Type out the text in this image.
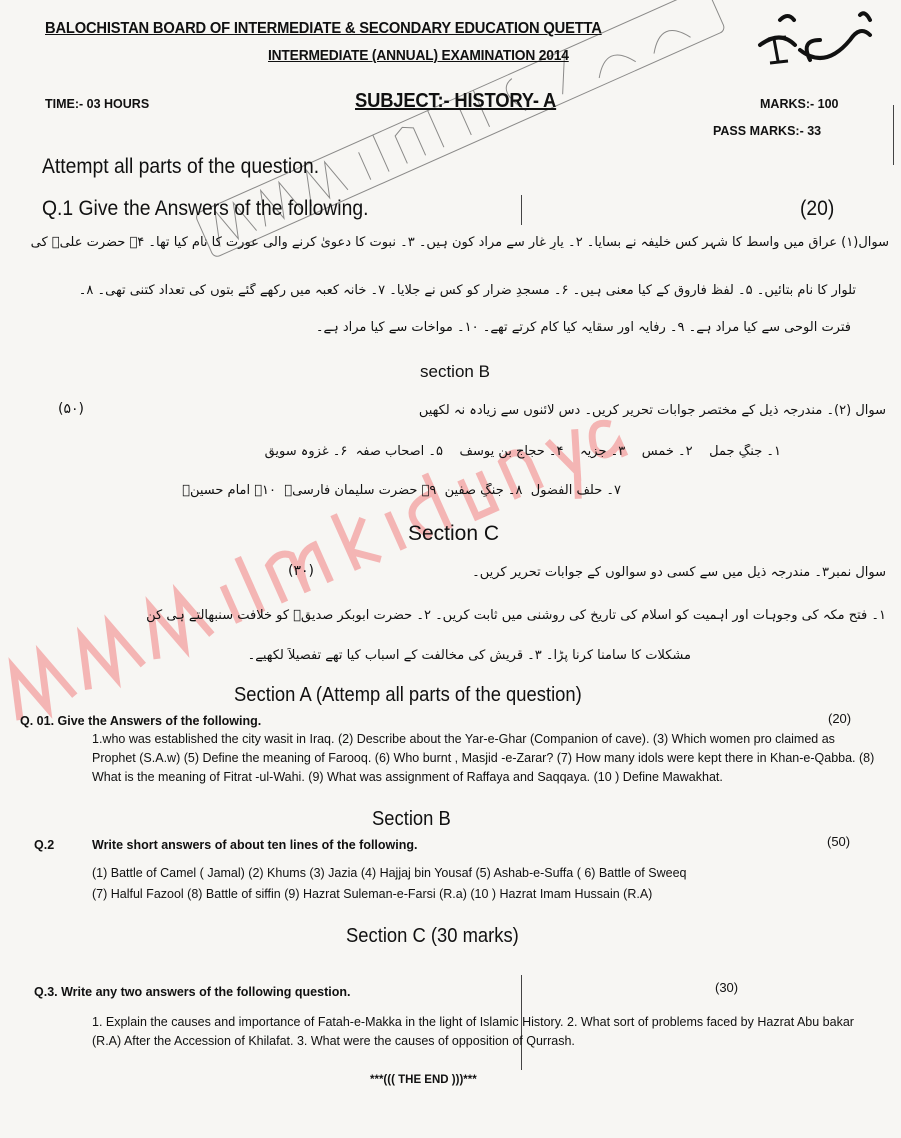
BALOCHISTAN BOARD OF INTERMEDIATE & SECONDARY EDUCATION QUETTA
INTERMEDIATE (ANNUAL) EXAMINATION 2014
TIME:- 03 HOURS	SUBJECT:- HISTORY- A	MARKS:- 100
PASS MARKS:- 33
Attempt all parts of the question.
Q.1 Give the Answers of the following.	(20)
سوال(۱) عراق میں واسط کا شہر کس خلیفہ نے بسایا۔ ۲۔ یارِ غار سے مراد کون ہیں۔ ۳۔ نبوت کا دعویٰ کرنے والی عورت کا نام کیا تھا۔ ۴۔ حضرت علیؓ کی
تلوار کا نام بتائیں۔ ۵۔ لفظ فاروق کے کیا معنی ہیں۔ ۶۔ مسجدِ ضرار کو کس نے جلایا۔ ۷۔ خانہ کعبہ میں رکھے گئے بتوں کی تعداد کتنی تھی۔ ۸۔
فترت الوحی سے کیا مراد ہے۔ ۹۔ رفایہ اور سقایہ کیا کام کرتے تھے۔ ۱۰۔ مواخات سے کیا مراد ہے۔
section B
سوال (۲)۔ مندرجہ ذیل کے مختصر جوابات تحریر کریں۔ دس لائنوں سے زیادہ نہ لکھیں
(۵۰)
۱۔ جنگِ جمل    ۲۔ خمس    ۳۔ جزیہ    ۴۔ حجاج بن یوسف    ۵۔ اصحاب صفہ  ۶۔ غزوہ سویق
۷۔ حلف الفضول  ۸۔ جنگِ صفین  ۹۔ حضرت سلیمان فارسیؓ  ۱۰۔ امام حسینؓ
Section C
سوال نمبر۳۔ مندرجہ ذیل میں سے کسی دو سوالوں کے جوابات تحریر کریں۔
(۳۰)
۱۔ فتح مکہ کی وجوہات اور اہمیت کو اسلام کی تاریخ کی روشنی میں ثابت کریں۔ ۲۔ حضرت ابوبکر صدیقؓ کو خلافت سنبھالتے ہی کن
مشکلات کا سامنا کرنا پڑا۔ ۳۔ قریش کی مخالفت کے اسباب کیا تھے تفصیلاً لکھیے۔
Section A (Attemp all parts of the question)
Q. 01. Give the Answers of the following.	(20)
1.who was established the city wasit in Iraq. (2) Describe about the Yar-e-Ghar (Companion of cave). (3) Which women pro claimed as Prophet (S.A.w) (5) Define the meaning of Farooq. (6) Who burnt , Masjid -e-Zarar? (7) How many idols were kept there in Khan-e-Qabba. (8) What is the meaning of Fitrat -ul-Wahi. (9) What was assignment of Raffaya and Saqqaya. (10 ) Define Mawakhat.
Section B
Q.2	Write short answers of about ten lines of the following.	(50)
(1) Battle of Camel ( Jamal) (2) Khums (3) Jazia (4) Hajjaj bin Yousaf (5) Ashab-e-Suffa ( 6) Battle of Sweeq
(7) Halful Fazool (8) Battle of siffin (9) Hazrat Suleman-e-Farsi (R.a) (10 ) Hazrat Imam Hussain (R.A)
Section C (30 marks)
Q.3. Write any two answers of the following question.	(30)
1. Explain the causes and importance of Fatah-e-Makka in the light of Islamic History. 2. What sort of problems faced by Hazrat Abu bakar (R.A) After the Accession of Khilafat. 3. What were the causes of opposition of Qurrash.
***((( THE END )))***
